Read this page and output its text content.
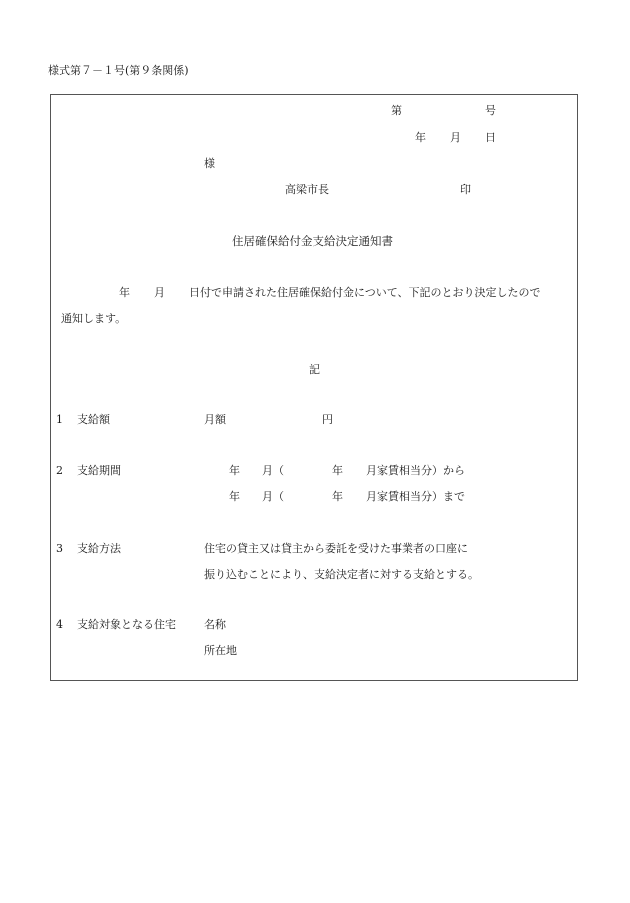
様式第７－１号(第９条関係)
第	号
年 月 日
様
高梁市長	印
住居確保給付金支給決定通知書
年 月 日付で申請された住居確保給付金について、下記のとおり決定したので
通知します。
記
1 支給額	月額	円
2 支給期間	年 月（	年 月家賃相当分）から
年 月（	年 月家賃相当分）まで
3 支給方法	住宅の貸主又は貸主から委託を受けた事業者の口座に
振り込むことにより、支給決定者に対する支給とする。
4 支給対象となる住宅	名称
所在地
